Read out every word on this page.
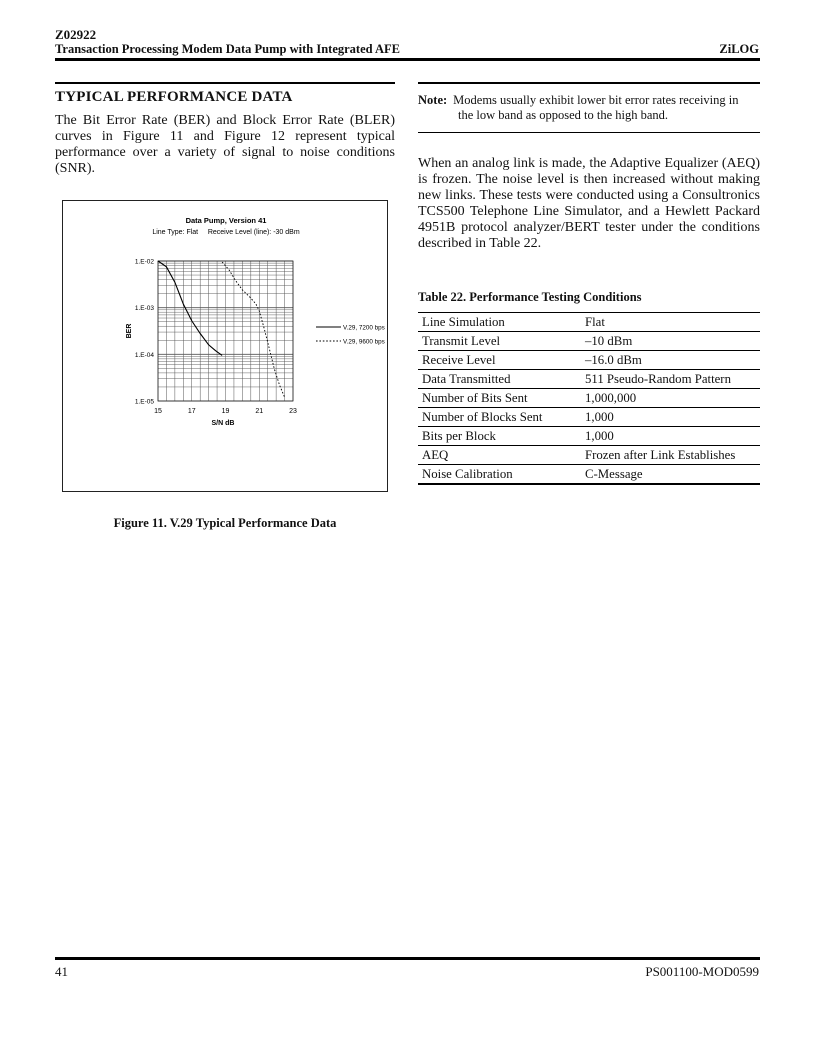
Z02922
Transaction Processing Modem Data Pump with Integrated AFE	ZiLOG
TYPICAL PERFORMANCE DATA
The Bit Error Rate (BER) and Block Error Rate (BLER) curves in Figure 11 and Figure 12 represent typical performance over a variety of signal to noise conditions (SNR).
Data Pump, Version 41
Line Type: Flat     Receive Level (line): -30 dBm
15	17	19	21	23
1.E-02
1.E-03
1.E-04
1.E-05
BER
S/N dB
V.29, 7200 bps
V.29, 9600 bps
Figure 11. V.29 Typical Performance Data
Note: Modems usually exhibit lower bit error rates receiving in
the low band as opposed to the high band.
When an analog link is made, the Adaptive Equalizer (AEQ) is frozen. The noise level is then increased without making new links. These tests were conducted using a Consultronics TCS500 Telephone Line Simulator, and a Hewlett Packard 4951B protocol analyzer/BERT tester under the conditions described in Table 22.
Table 22. Performance Testing Conditions
Line Simulation	Flat
Transmit Level	–10 dBm
Receive Level	–16.0 dBm
Data Transmitted	511 Pseudo-Random Pattern
Number of Bits Sent	1,000,000
Number of Blocks Sent	1,000
Bits per Block	1,000
AEQ	Frozen after Link Establishes
Noise Calibration	C-Message
41	PS001100-MOD0599
